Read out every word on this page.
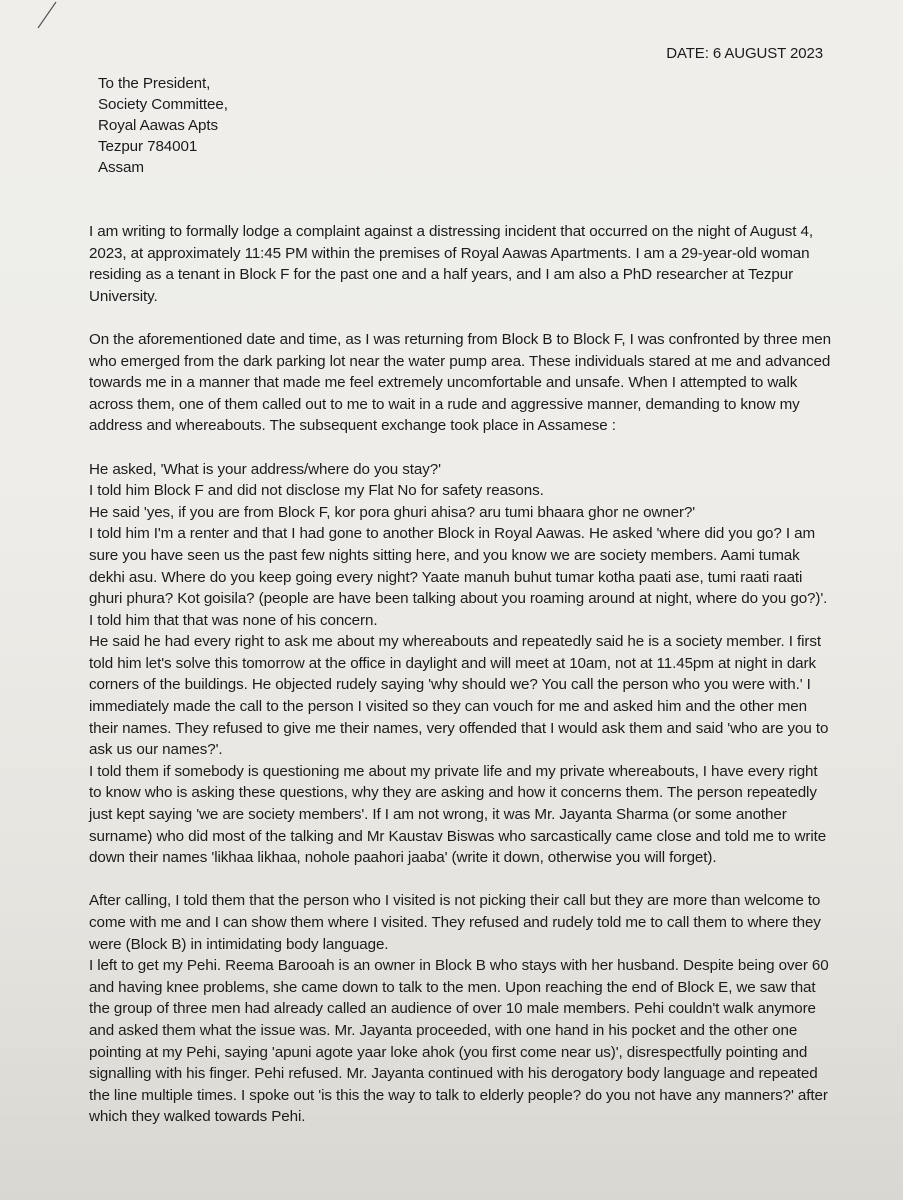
DATE: 6 AUGUST 2023
To the President,
Society Committee,
Royal Aawas Apts
Tezpur 784001
Assam

I am writing to formally lodge a complaint against a distressing incident that occurred on the night of August 4, 2023, at approximately 11:45 PM within the premises of Royal Aawas Apartments. I am a 29-year-old woman residing as a tenant in Block F for the past one and a half years, and I am also a PhD researcher at Tezpur University.

On the aforementioned date and time, as I was returning from Block B to Block F, I was confronted by three men who emerged from the dark parking lot near the water pump area. These individuals stared at me and advanced towards me in a manner that made me feel extremely uncomfortable and unsafe. When I attempted to walk across them, one of them called out to me to wait in a rude and aggressive manner, demanding to know my address and whereabouts. The subsequent exchange took place in Assamese :

He asked, 'What is your address/where do you stay?'

I told him Block F and did not disclose my Flat No for safety reasons.

He said 'yes, if you are from Block F, kor pora ghuri ahisa? aru tumi bhaara ghor ne owner?'

I told him I'm a renter and that I had gone to another Block in Royal Aawas. He asked 'where did you go? I am sure you have seen us the past few nights sitting here, and you know we are society members. Aami tumak dekhi asu. Where do you keep going every night? Yaate manuh buhut tumar kotha paati ase, tumi raati raati ghuri phura? Kot goisila? (people are have been talking about you roaming around at night, where do you go?)'.

I told him that that was none of his concern.

He said he had every right to ask me about my whereabouts and repeatedly said he is a society member. I first told him let's solve this tomorrow at the office in daylight and will meet at 10am, not at 11.45pm at night in dark corners of the buildings. He objected rudely saying 'why should we? You call the person who you were with.' I immediately made the call to the person I visited so they can vouch for me and asked him and the other men their names. They refused to give me their names, very offended that I would ask them and said 'who are you to ask us our names?'.

I told them if somebody is questioning me about my private life and my private whereabouts, I have every right to know who is asking these questions, why they are asking and how it concerns them. The person repeatedly just kept saying 'we are society members'. If I am not wrong, it was Mr. Jayanta Sharma (or some another surname) who did most of the talking and Mr Kaustav Biswas who sarcastically came close and told me to write down their names 'likhaa likhaa, nohole paahori jaaba' (write it down, otherwise you will forget).

After calling, I told them that the person who I visited is not picking their call but they are more than welcome to come with me and I can show them where I visited. They refused and rudely told me to call them to where they were (Block B) in intimidating body language.

I left to get my Pehi. Reema Barooah is an owner in Block B who stays with her husband. Despite being over 60 and having knee problems, she came down to talk to the men. Upon reaching the end of Block E, we saw that the group of three men had already called an audience of over 10 male members. Pehi couldn't walk anymore and asked them what the issue was. Mr. Jayanta proceeded, with one hand in his pocket and the other one pointing at my Pehi, saying 'apuni agote yaar loke ahok (you first come near us)', disrespectfully pointing and signalling with his finger. Pehi refused. Mr. Jayanta continued with his derogatory body language and repeated the line multiple times. I spoke out 'is this the way to talk to elderly people? do you not have any manners?' after which they walked towards Pehi.
